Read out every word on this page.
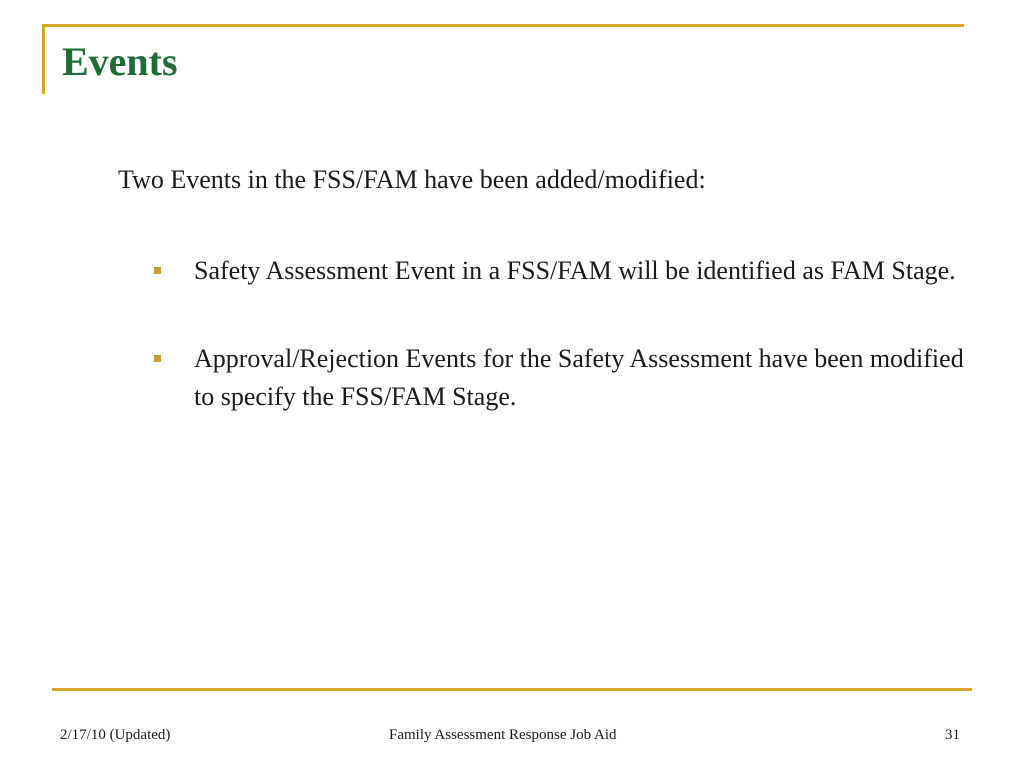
Events

Two Events in the FSS/FAM have been added/modified:

Safety Assessment Event in a FSS/FAM will be identified as FAM Stage.
Approval/Rejection Events for the Safety Assessment have been modified to specify the FSS/FAM Stage.
2/17/10 (Updated)	Family Assessment Response Job Aid	31
